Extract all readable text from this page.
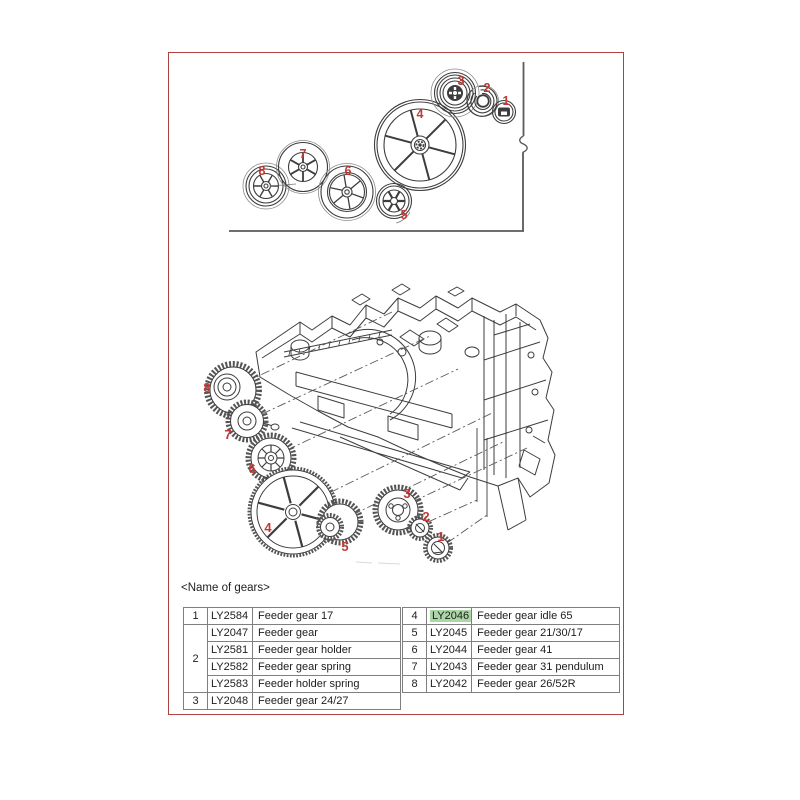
1
2
3
4
5
6
7
8
1
2
3
4
5
6
7
8
<Name of gears>
1	LY2584	Feeder gear 17
2	LY2047	Feeder gear
	LY2581	Feeder gear holder
	LY2582	Feeder gear spring
	LY2583	Feeder holder spring
3	LY2048	Feeder gear 24/27
4	LY2046	Feeder gear idle 65
5	LY2045	Feeder gear 21/30/17
6	LY2044	Feeder gear 41
7	LY2043	Feeder gear 31 pendulum
8	LY2042	Feeder gear 26/52R
